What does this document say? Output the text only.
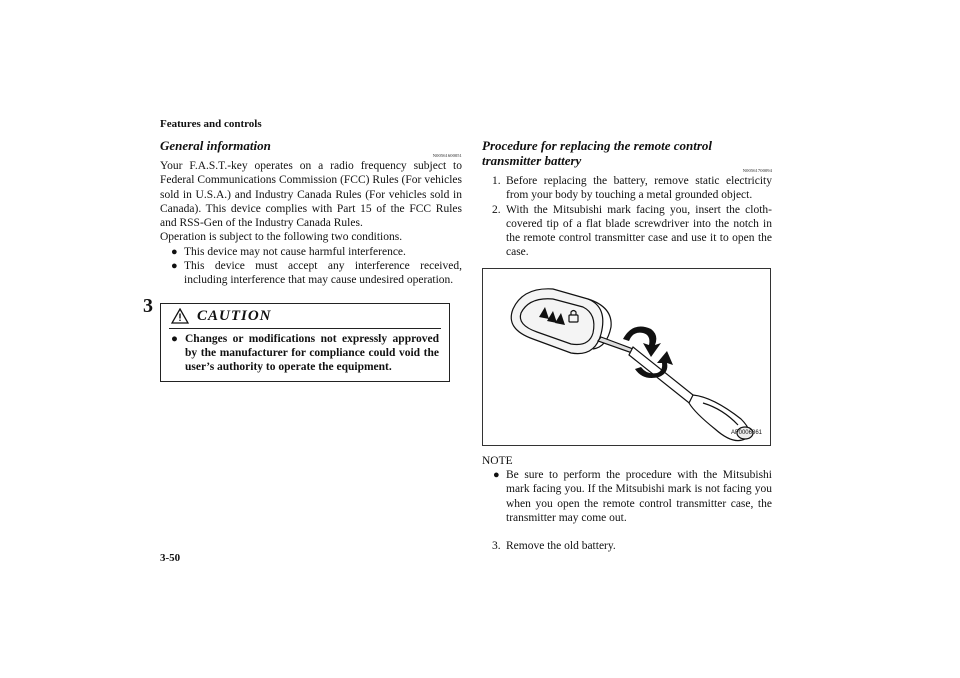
Features and controls
3
General information
N00561600051

Your F.A.S.T.-key operates on a radio frequency subject to Federal Communications Commission (FCC) Rules (For vehicles sold in U.S.A.) and Industry Canada Rules (For vehicles sold in Canada). This device complies with Part 15 of the FCC Rules and RSS-Gen of the Industry Canada Rules.

Operation is subject to the following two conditions.

● This device may not cause harmful interference.
● This device must accept any interference received, including interference that may cause undesired operation.
CAUTION
● Changes or modifications not expressly approved by the manufacturer for compliance could void the user’s authority to operate the equipment.
Procedure for replacing the remote control transmitter battery
N00561700094
1. Before replacing the battery, remove static electricity from your body by touching a metal grounded object.
2. With the Mitsubishi mark facing you, insert the cloth-covered tip of a flat blade screwdriver into the notch in the remote control transmitter case and use it to open the case.
AF0006861

NOTE

● Be sure to perform the procedure with the Mitsubishi mark facing you. If the Mitsubishi mark is not facing you when you open the remote control transmitter case, the transmitter may come out.

3. Remove the old battery.
3-50
